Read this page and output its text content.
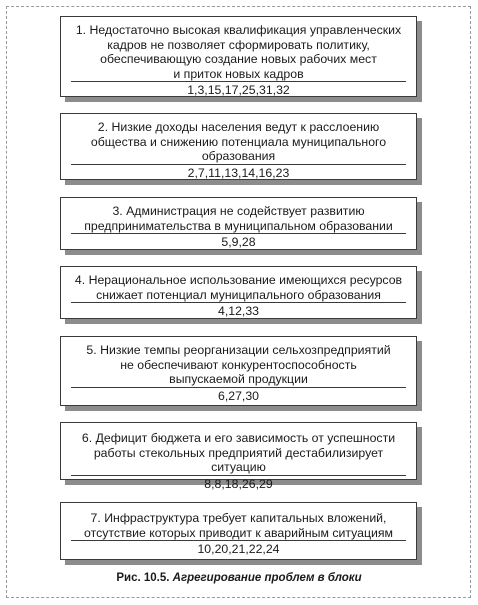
1. Недостаточно высокая квалификация управленческих
кадров не позволяет сформировать политику,
обеспечивающую создание новых рабочих мест
и приток новых кадров
1,3,15,17,25,31,32
2. Низкие доходы населения ведут к расслоению
общества и снижению потенциала муниципального
образования
2,7,11,13,14,16,23
3. Администрация не содействует развитию
предпринимательства в муниципальном образовании
5,9,28
4. Нерациональное использование имеющихся ресурсов
снижает потенциал муниципального образования
4,12,33
5. Низкие темпы реорганизации сельхозпредприятий
не обеспечивают конкурентоспособность
выпускаемой продукции
6,27,30
6. Дефицит бюджета и его зависимость от успешности
работы стекольных предприятий дестабилизирует ситуацию
8,8,18,26,29
7. Инфраструктура требует капитальных вложений,
отсутствие которых приводит к аварийным ситуациям
10,20,21,22,24
Рис. 10.5. Агрегирование проблем в блоки
